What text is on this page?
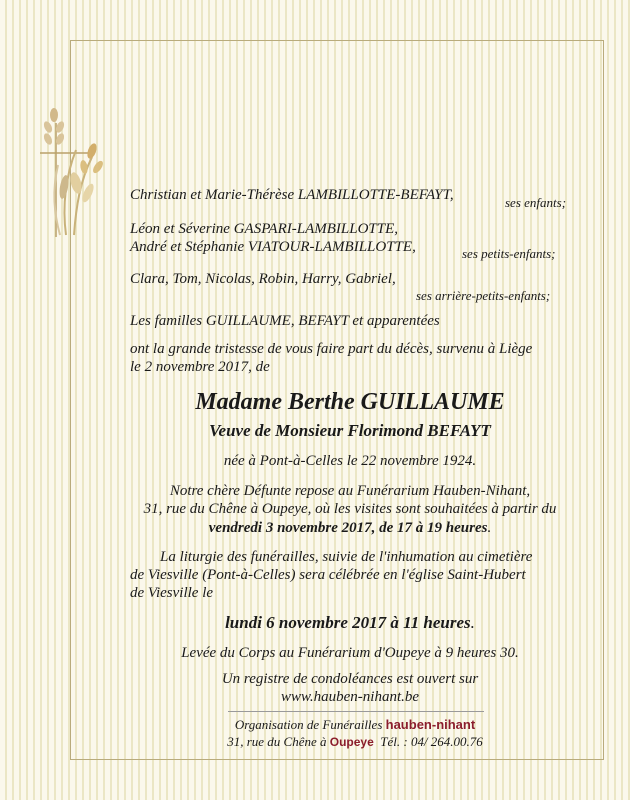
Christian et Marie-Thérèse LAMBILLOTTE-BEFAYT,	ses enfants;
Léon et Séverine GASPARI-LAMBILLOTTE,
André et Stéphanie VIATOUR-LAMBILLOTTE,	ses petits-enfants;
Clara, Tom, Nicolas, Robin, Harry, Gabriel,
ses arrière-petits-enfants;
Les familles GUILLAUME, BEFAYT et apparentées
ont la grande tristesse de vous faire part du décès, survenu à Liège
le 2 novembre 2017, de
Madame Berthe GUILLAUME
Veuve de Monsieur Florimond BEFAYT
née à Pont-à-Celles le 22 novembre 1924.
Notre chère Défunte repose au Funérarium Hauben-Nihant,
31, rue du Chêne à Oupeye, où les visites sont souhaitées à partir du
vendredi 3 novembre 2017, de 17 à 19 heures.
La liturgie des funérailles, suivie de l'inhumation au cimetière
de Viesville (Pont-à-Celles) sera célébrée en l'église Saint-Hubert
de Viesville le
lundi 6 novembre 2017 à 11 heures.
Levée du Corps au Funérarium d'Oupeye à 9 heures 30.
Un registre de condoléances est ouvert sur
www.hauben-nihant.be
Organisation de Funérailles hauben-nihant
31, rue du Chêne à Oupeye Tél. : 04/ 264.00.76
